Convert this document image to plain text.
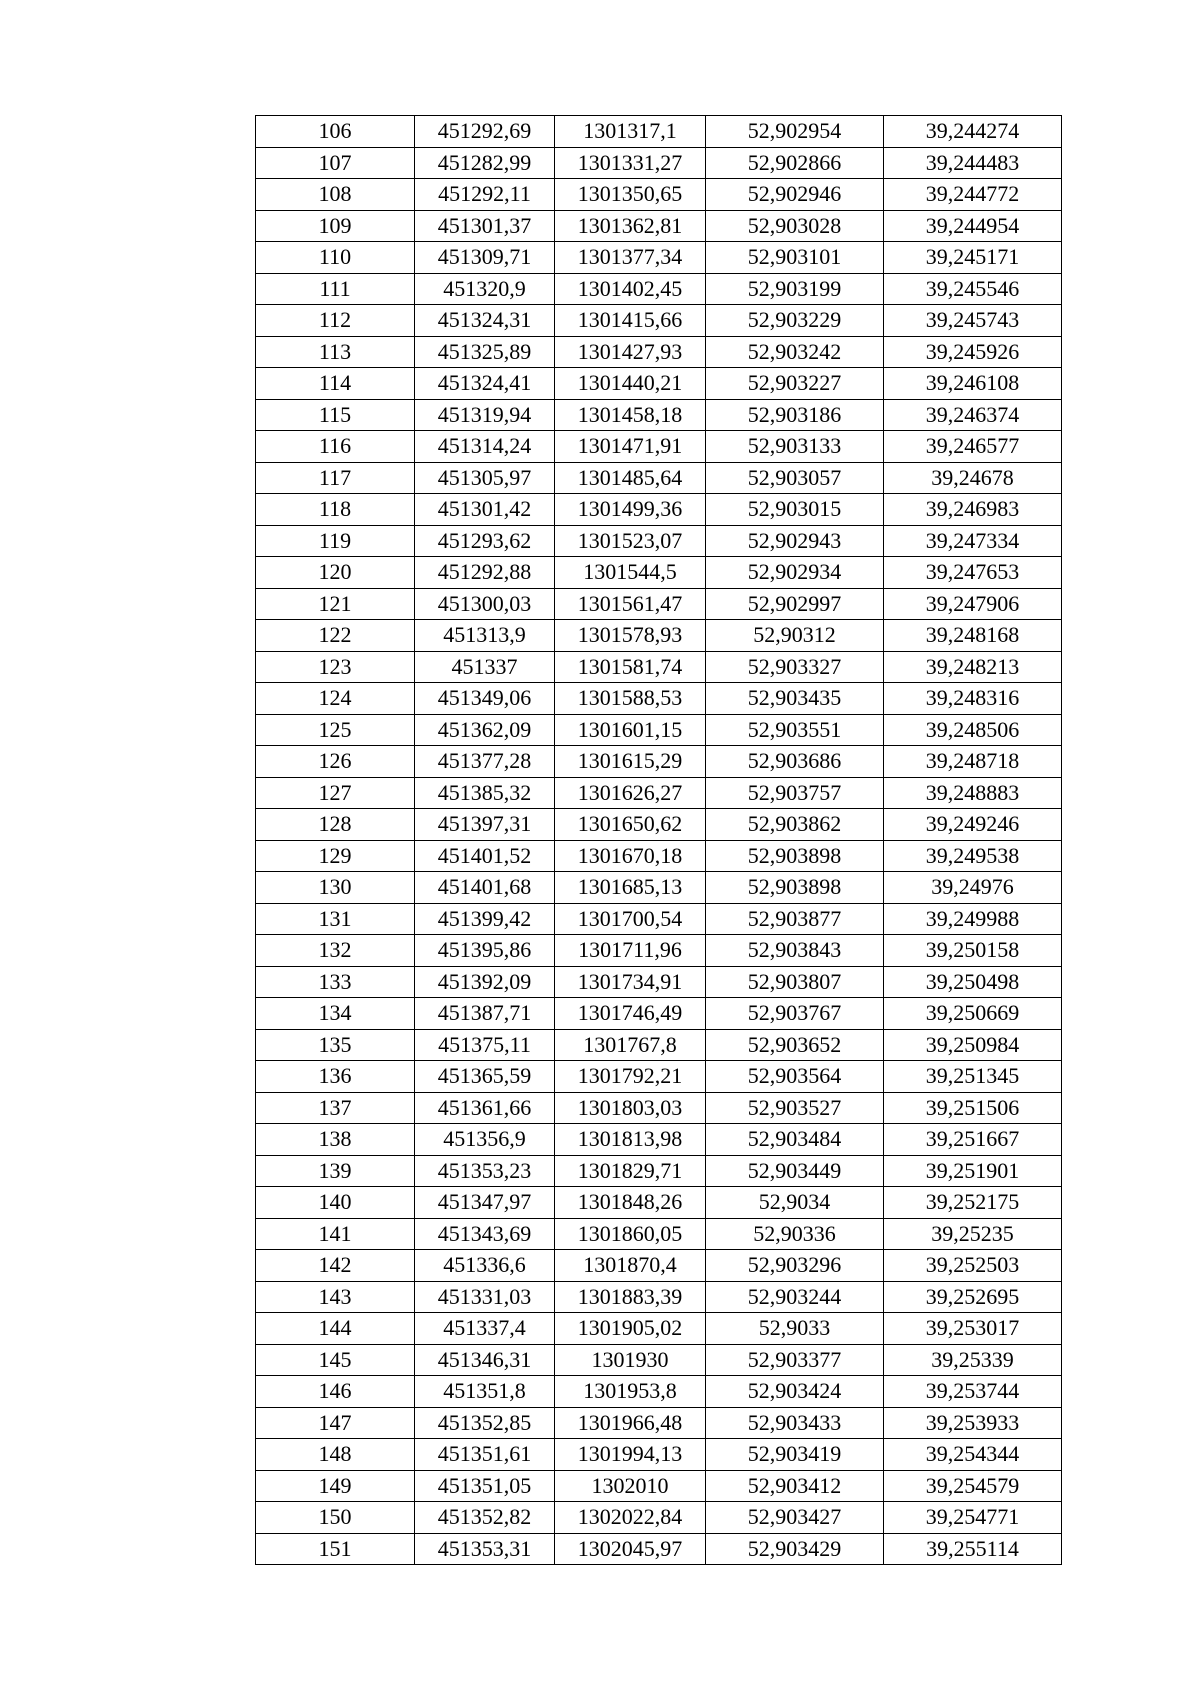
106	451292,69	1301317,1	52,902954	39,244274
107	451282,99	1301331,27	52,902866	39,244483
108	451292,11	1301350,65	52,902946	39,244772
109	451301,37	1301362,81	52,903028	39,244954
110	451309,71	1301377,34	52,903101	39,245171
111	451320,9	1301402,45	52,903199	39,245546
112	451324,31	1301415,66	52,903229	39,245743
113	451325,89	1301427,93	52,903242	39,245926
114	451324,41	1301440,21	52,903227	39,246108
115	451319,94	1301458,18	52,903186	39,246374
116	451314,24	1301471,91	52,903133	39,246577
117	451305,97	1301485,64	52,903057	39,24678
118	451301,42	1301499,36	52,903015	39,246983
119	451293,62	1301523,07	52,902943	39,247334
120	451292,88	1301544,5	52,902934	39,247653
121	451300,03	1301561,47	52,902997	39,247906
122	451313,9	1301578,93	52,90312	39,248168
123	451337	1301581,74	52,903327	39,248213
124	451349,06	1301588,53	52,903435	39,248316
125	451362,09	1301601,15	52,903551	39,248506
126	451377,28	1301615,29	52,903686	39,248718
127	451385,32	1301626,27	52,903757	39,248883
128	451397,31	1301650,62	52,903862	39,249246
129	451401,52	1301670,18	52,903898	39,249538
130	451401,68	1301685,13	52,903898	39,24976
131	451399,42	1301700,54	52,903877	39,249988
132	451395,86	1301711,96	52,903843	39,250158
133	451392,09	1301734,91	52,903807	39,250498
134	451387,71	1301746,49	52,903767	39,250669
135	451375,11	1301767,8	52,903652	39,250984
136	451365,59	1301792,21	52,903564	39,251345
137	451361,66	1301803,03	52,903527	39,251506
138	451356,9	1301813,98	52,903484	39,251667
139	451353,23	1301829,71	52,903449	39,251901
140	451347,97	1301848,26	52,9034	39,252175
141	451343,69	1301860,05	52,90336	39,25235
142	451336,6	1301870,4	52,903296	39,252503
143	451331,03	1301883,39	52,903244	39,252695
144	451337,4	1301905,02	52,9033	39,253017
145	451346,31	1301930	52,903377	39,25339
146	451351,8	1301953,8	52,903424	39,253744
147	451352,85	1301966,48	52,903433	39,253933
148	451351,61	1301994,13	52,903419	39,254344
149	451351,05	1302010	52,903412	39,254579
150	451352,82	1302022,84	52,903427	39,254771
151	451353,31	1302045,97	52,903429	39,255114
